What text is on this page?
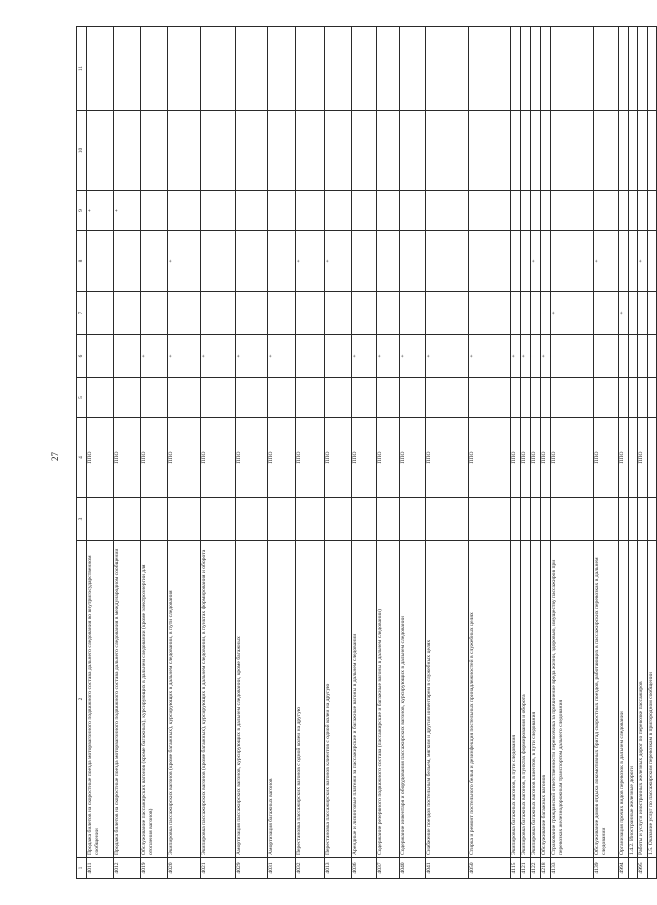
27
1	2	3	4	5	6	7	8	9	10	11
4011	Продажа билетов на скоростные поезда моторвагонного подвижного состава дальнего следования во внутригосударственном сообщении		ППО					+		
4012	Продажа билетов на скоростные поезда моторвагонного подвижного состава дальнего следования в международном сообщении		ППО					+		
4019	Обслуживание пассажирских вагонов (кроме багажных), курсирующих в дальнем следовании (кроме электроэнергии для отопления вагонов)		ППО		+					
4020	Экипировка пассажирских вагонов (кроме багажных), курсирующих в дальнем следовании, в пути следования		ППО		+		+			
4021	Экипировка пассажирских вагонов (кроме багажных), курсирующих в дальнем следовании, в пунктах формирования и оборота		ППО		+					
4029	Амортизация пассажирских вагонов, курсирующих в дальнем следовании, кроме багажных		ППО		+					
4031	Амортизация багажных вагонов		ППО		+					
4032	Перестановка пассажирских вагонов с одной колеи на другую		ППО				+			
4013	Перестановка пассажирских вагонов клиентов с одной колеи на другую		ППО				+			
4036	Арендные и лизинговые платежи за пассажирские и багажные вагоны в дальнем следовании		ППО		+					
4037	Содержание резервного подвижного состава (пассажирские и багажные вагоны в дальнем следовании)		ППО		+					
4040	Содержание инвентаря и оборудования пассажирских вагонов, курсирующих в дальнем следовании		ППО		+					
4041	Снабжение поездов постельным бельем, мягким и другим инвентарем в служебных целях		ППО		+					
4050	Стирка и ремонт постельного белья и дезинфекция постельных принадлежностей в служебных целях		ППО		+					
4115	Экипировка багажных вагонов, в пути следования		ППО		+					
4121	Экипировка багажных вагонов, в пунктах формирования и оборота		ППО		+					
4122	Экипировка багажных вагонов клиентов, в пути следования		ППО				+			
4218	Обслуживание багажных вагонов		ППО		+					
4133	Страхование гражданской ответственности перевозчика за причинение вреда жизни, здоровью, имуществу пассажиров при перевозках железнодорожным транспортом дальнего следования		ППО			+				
4139	Обслуживание домов отдыха локомотивных бригад скоростных поездов, работающих в пассажирских перевозках в дальнем следовании		ППО				+			
4994	Организация прочих видов перевозок в дальнем следовании		ППО			+				
	1.4.2. Иностранные железные дороги									
4995	Работы и услуги иностранных железных дорог по перевозке пассажиров		ППО				+			
	1.5. Оказание услуг по пассажирским перевозкам в пригородном сообщении									
